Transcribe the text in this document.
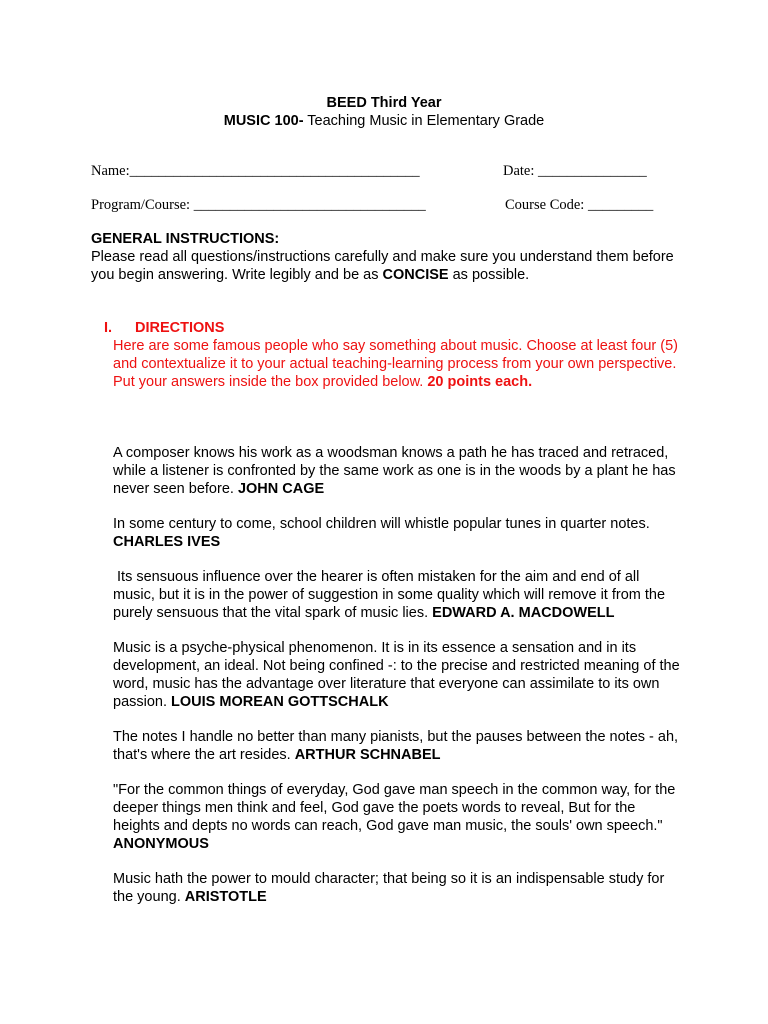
BEED Third Year
MUSIC 100- Teaching Music in Elementary Grade
Name:________________________________________	Date: _______________
Program/Course: ________________________________	Course Code: _________
GENERAL INSTRUCTIONS:
Please read all questions/instructions carefully and make sure you understand them before you begin answering. Write legibly and be as CONCISE as possible.
I.	DIRECTIONS
Here are some famous people who say something about music. Choose at least four (5) and contextualize it to your actual teaching-learning process from your own perspective. Put your answers inside the box provided below. 20 points each.

A composer knows his work as a woodsman knows a path he has traced and retraced, while a listener is confronted by the same work as one is in the woods by a plant he has never seen before. JOHN CAGE

In some century to come, school children will whistle popular tunes in quarter notes. CHARLES IVES

Its sensuous influence over the hearer is often mistaken for the aim and end of all music, but it is in the power of suggestion in some quality which will remove it from the purely sensuous that the vital spark of music lies. EDWARD A. MACDOWELL

Music is a psyche-physical phenomenon. It is in its essence a sensation and in its development, an ideal. Not being confined -: to the precise and restricted meaning of the word, music has the advantage over literature that everyone can assimilate to its own passion. LOUIS MOREAN GOTTSCHALK

The notes I handle no better than many pianists, but the pauses between the notes - ah, that's where the art resides. ARTHUR SCHNABEL

"For the common things of everyday, God gave man speech in the common way, for the deeper things men think and feel, God gave the poets words to reveal, But for the heights and depts no words can reach, God gave man music, the souls' own speech." ANONYMOUS

Music hath the power to mould character; that being so it is an indispensable study for the young. ARISTOTLE
